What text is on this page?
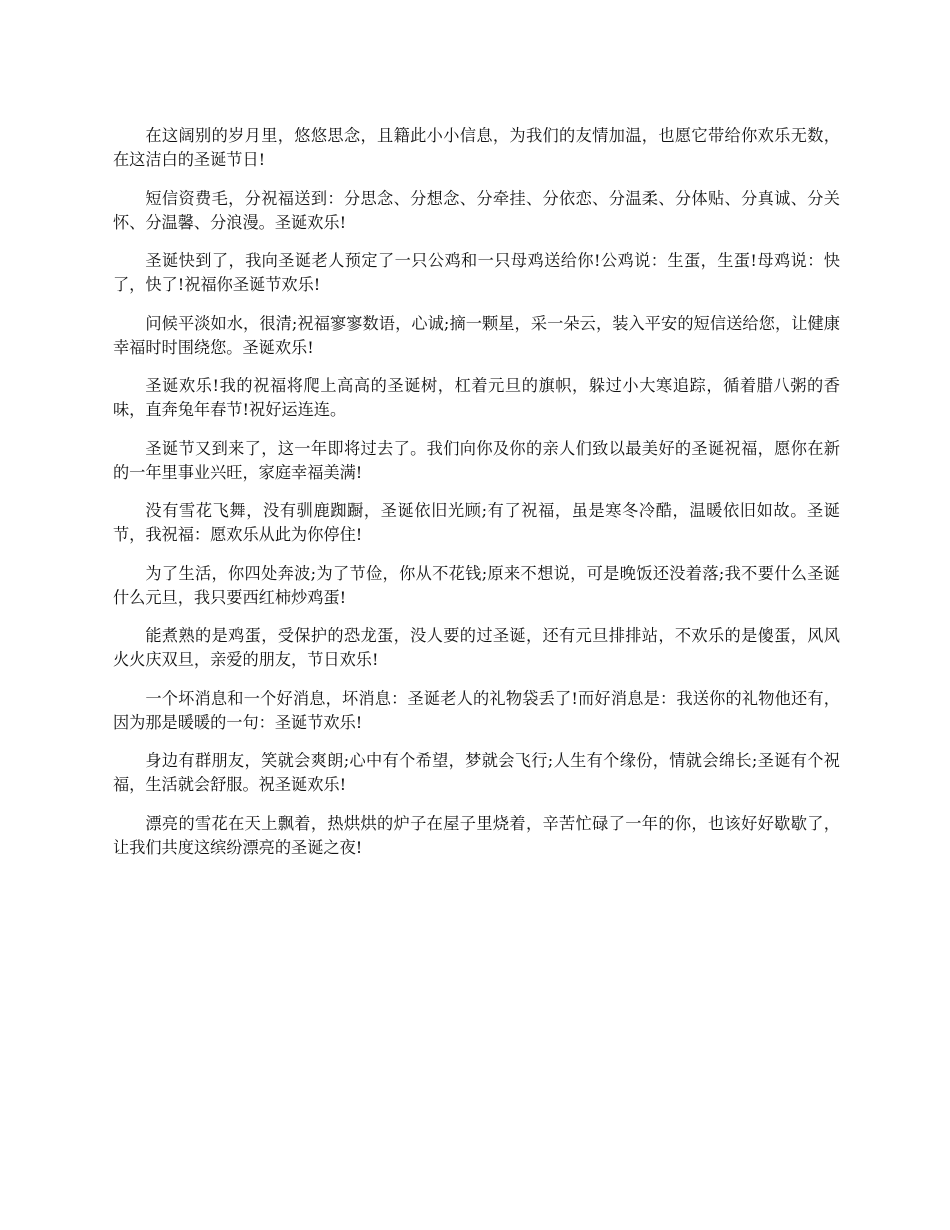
在这阔别的岁月里，悠悠思念，且籍此小小信息，为我们的友情加温，也愿它带给你欢乐无数，在这洁白的圣诞节日!

短信资费毛，分祝福送到：分思念、分想念、分牵挂、分依恋、分温柔、分体贴、分真诚、分关怀、分温馨、分浪漫。圣诞欢乐!

圣诞快到了，我向圣诞老人预定了一只公鸡和一只母鸡送给你!公鸡说：生蛋，生蛋!母鸡说：快了，快了!祝福你圣诞节欢乐!

问候平淡如水，很清;祝福寥寥数语，心诚;摘一颗星，采一朵云，装入平安的短信送给您，让健康幸福时时围绕您。圣诞欢乐!

圣诞欢乐!我的祝福将爬上高高的圣诞树，杠着元旦的旗帜，躲过小大寒追踪，循着腊八粥的香味，直奔兔年春节!祝好运连连。

圣诞节又到来了，这一年即将过去了。我们向你及你的亲人们致以最美好的圣诞祝福，愿你在新的一年里事业兴旺，家庭幸福美满!

没有雪花飞舞，没有驯鹿踟蹰，圣诞依旧光顾;有了祝福，虽是寒冬冷酷，温暖依旧如故。圣诞节，我祝福：愿欢乐从此为你停住!

为了生活，你四处奔波;为了节俭，你从不花钱;原来不想说，可是晚饭还没着落;我不要什么圣诞什么元旦，我只要西红柿炒鸡蛋!

能煮熟的是鸡蛋，受保护的恐龙蛋，没人要的过圣诞，还有元旦排排站，不欢乐的是傻蛋，风风火火庆双旦，亲爱的朋友，节日欢乐!

一个坏消息和一个好消息，坏消息：圣诞老人的礼物袋丢了!而好消息是：我送你的礼物他还有，因为那是暖暖的一句：圣诞节欢乐!

身边有群朋友，笑就会爽朗;心中有个希望，梦就会飞行;人生有个缘份，情就会绵长;圣诞有个祝福，生活就会舒服。祝圣诞欢乐!

漂亮的雪花在天上飘着，热烘烘的炉子在屋子里烧着，辛苦忙碌了一年的你，也该好好歇歇了，让我们共度这缤纷漂亮的圣诞之夜!
